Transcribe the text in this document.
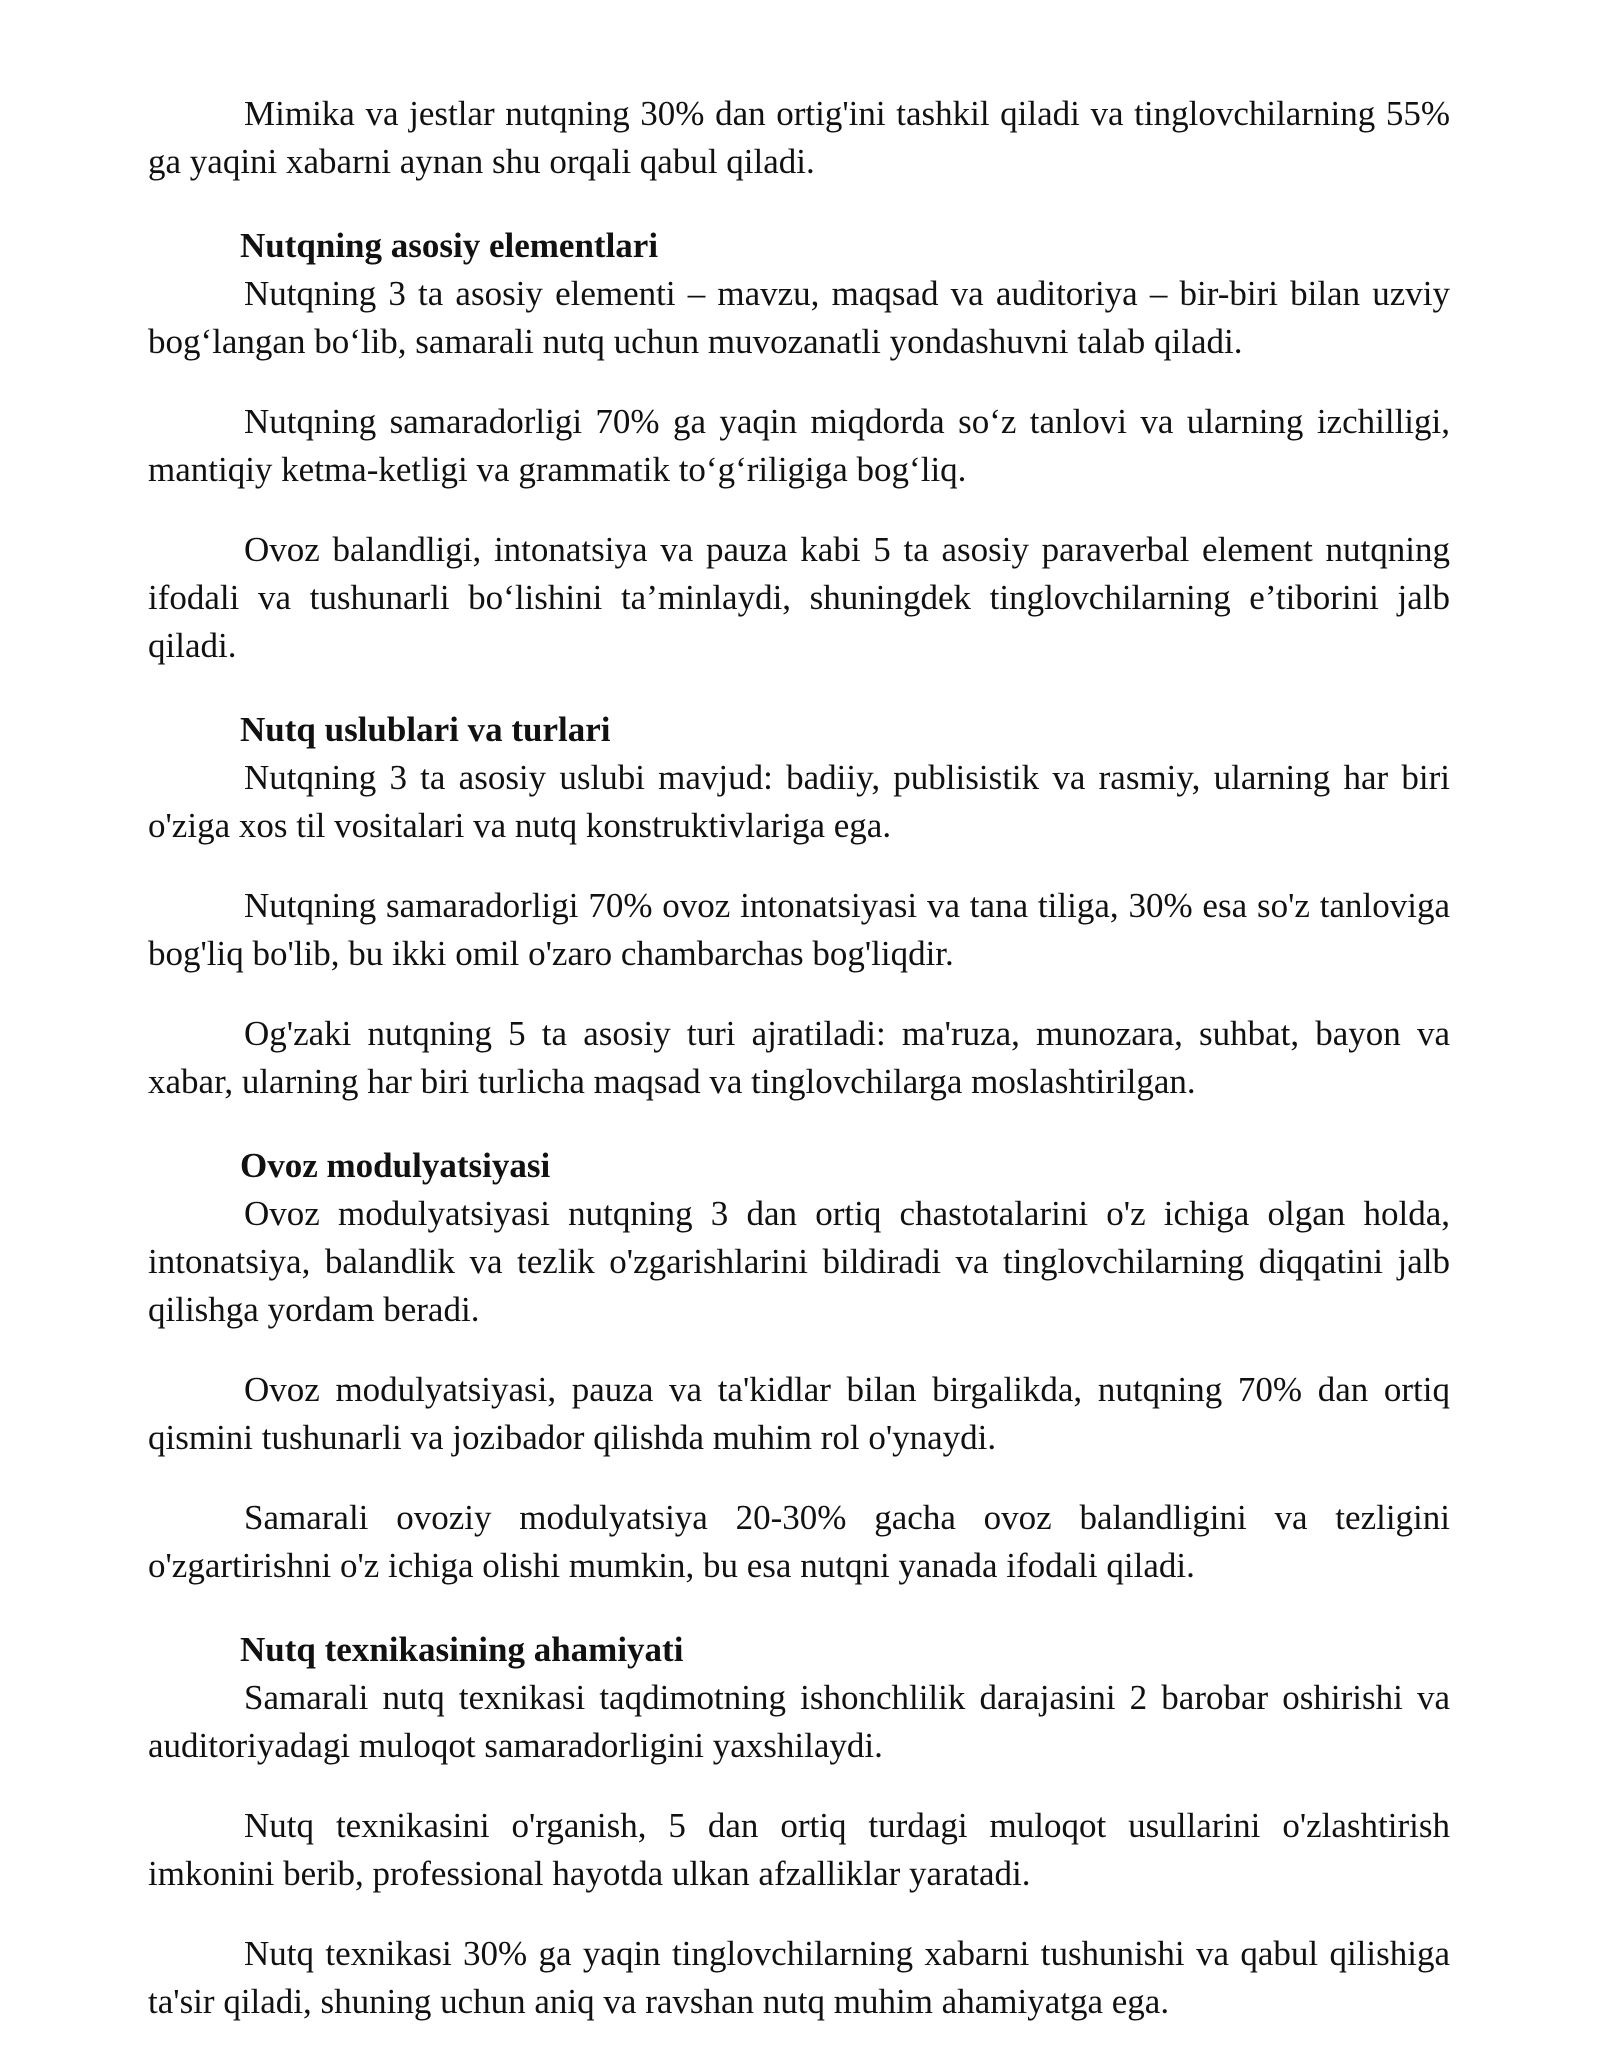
Mimika va jestlar nutqning 30% dan ortig'ini tashkil qiladi va tinglovchilarning 55% ga yaqini xabarni aynan shu orqali qabul qiladi.

Nutqning asosiy elementlari

Nutqning 3 ta asosiy elementi – mavzu, maqsad va auditoriya – bir-biri bilan uzviy bog‘langan bo‘lib, samarali nutq uchun muvozanatli yondashuvni talab qiladi.

Nutqning samaradorligi 70% ga yaqin miqdorda so‘z tanlovi va ularning izchilligi, mantiqiy ketma-ketligi va grammatik to‘g‘riligiga bog‘liq.

Ovoz balandligi, intonatsiya va pauza kabi 5 ta asosiy paraverbal element nutqning ifodali va tushunarli bo‘lishini ta’minlaydi, shuningdek tinglovchilarning e’tiborini jalb qiladi.

Nutq uslublari va turlari

Nutqning 3 ta asosiy uslubi mavjud: badiiy, publisistik va rasmiy, ularning har biri o'ziga xos til vositalari va nutq konstruktivlariga ega.

Nutqning samaradorligi 70% ovoz intonatsiyasi va tana tiliga, 30% esa so'z tanloviga bog'liq bo'lib, bu ikki omil o'zaro chambarchas bog'liqdir.

Og'zaki nutqning 5 ta asosiy turi ajratiladi: ma'ruza, munozara, suhbat, bayon va xabar, ularning har biri turlicha maqsad va tinglovchilarga moslashtirilgan.

Ovoz modulyatsiyasi

Ovoz modulyatsiyasi nutqning 3 dan ortiq chastotalarini o'z ichiga olgan holda, intonatsiya, balandlik va tezlik o'zgarishlarini bildiradi va tinglovchilarning diqqatini jalb qilishga yordam beradi.

Ovoz modulyatsiyasi, pauza va ta'kidlar bilan birgalikda, nutqning 70% dan ortiq qismini tushunarli va jozibador qilishda muhim rol o'ynaydi.

Samarali ovoziy modulyatsiya 20-30% gacha ovoz balandligini va tezligini o'zgartirishni o'z ichiga olishi mumkin, bu esa nutqni yanada ifodali qiladi.

Nutq texnikasining ahamiyati

Samarali nutq texnikasi taqdimotning ishonchlilik darajasini 2 barobar oshirishi va auditoriyadagi muloqot samaradorligini yaxshilaydi.

Nutq texnikasini o'rganish, 5 dan ortiq turdagi muloqot usullarini o'zlashtirish imkonini berib, professional hayotda ulkan afzalliklar yaratadi.

Nutq texnikasi 30% ga yaqin tinglovchilarning xabarni tushunishi va qabul qilishiga ta'sir qiladi, shuning uchun aniq va ravshan nutq muhim ahamiyatga ega.
